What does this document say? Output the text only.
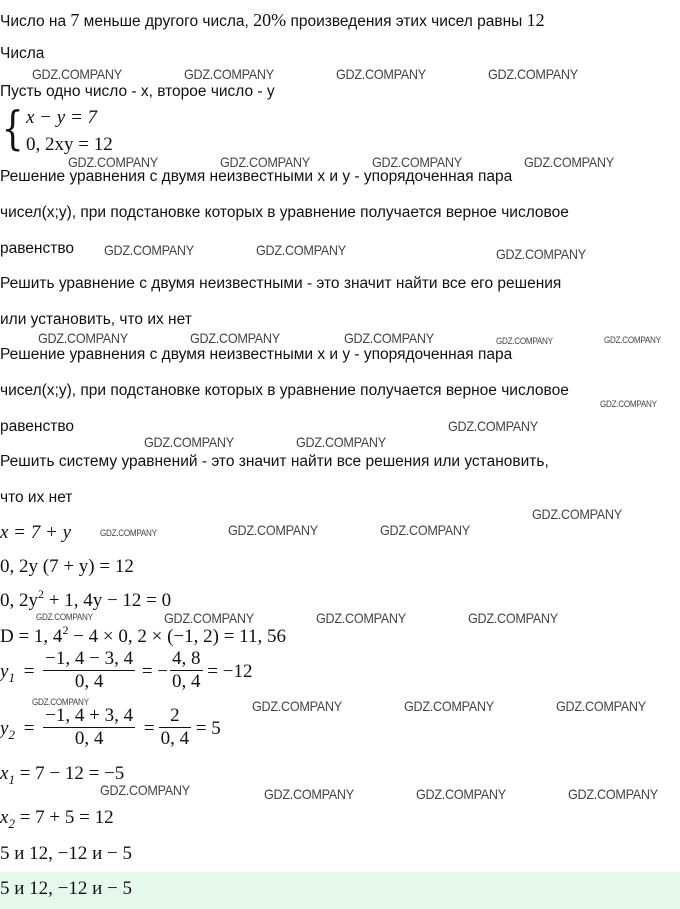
Число на 7 меньше другого числа, 20% произведения этих чисел равны 12
Числа
Пусть одно число - x, второе число - y
{ x − y = 7
0, 2xy = 12
Решение уравнения с двумя неизвестными x и y - упорядоченная пара
чисел(x;y), при подстановке которых в уравнение получается верное числовое
равенство
Решить уравнение с двумя неизвестными - это значит найти все его решения
или установить, что их нет
Решение уравнения с двумя неизвестными x и y - упорядоченная пара
чисел(x;y), при подстановке которых в уравнение получается верное числовое
равенство
Решить систему уравнений - это значит найти все решения или установить,
что их нет
x = 7 + y
0, 2y (7 + y) = 12
0, $2y^2 + 1$, 4y − 12 = 0
D = 1, $4^2 - 4 \times 0$, 2 × (−1, 2) = 11, 56
$y_1 = \frac{-1, 4 - 3, 4}{0, 4}$ = − $\frac{4, 8}{0, 4} = -12$
$y_2 = \frac{-1, 4 + 3, 4}{0, 4} = \frac{2}{0, 4} = 5$
$x_1 = 7 - 12 = -5$
$x_2 = 7 + 5 = 12$
5 и 12, −12 и − 5
5 и 12, −12 и − 5
GDZ.COMPANY	GDZ.COMPANY	GDZ.COMPANY	GDZ.COMPANY
GDZ.COMPANY	GDZ.COMPANY	GDZ.COMPANY	GDZ.COMPANY
GDZ.COMPANY	GDZ.COMPANY	GDZ.COMPANY
GDZ.COMPANY	GDZ.COMPANY	GDZ.COMPANY	GDZ.COMPANY	GDZ.COMPANY
GDZ.COMPANY
GDZ.COMPANY
GDZ.COMPANY	GDZ.COMPANY
GDZ.COMPANY
GDZ.COMPANY	GDZ.COMPANY	GDZ.COMPANY
GDZ.COMPANY	GDZ.COMPANY	GDZ.COMPANY	GDZ.COMPANY
GDZ.COMPANY	GDZ.COMPANY	GDZ.COMPANY	GDZ.COMPANY
GDZ.COMPANY	GDZ.COMPANY	GDZ.COMPANY	GDZ.COMPANY
